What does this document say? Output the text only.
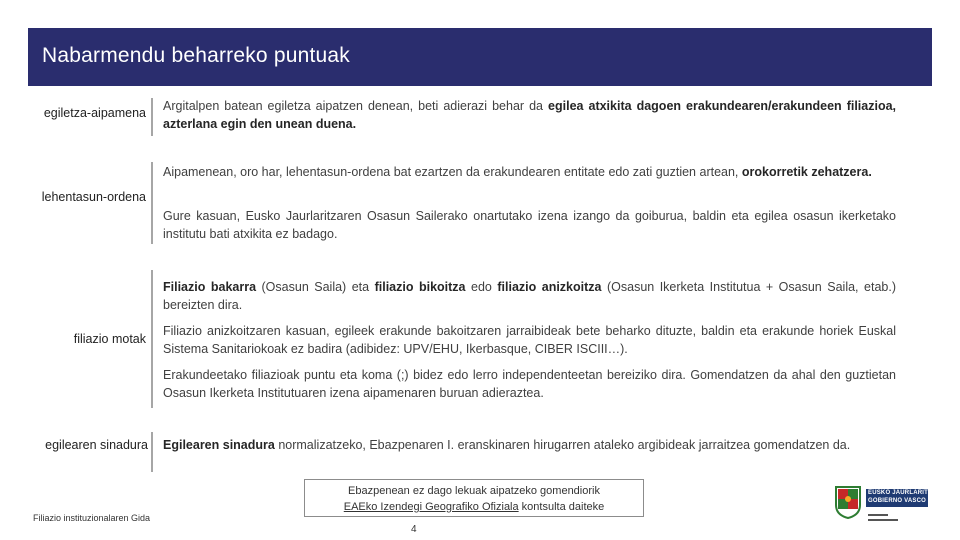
Nabarmendu beharreko puntuak
egiletza-aipamena Argitalpen batean egiletza aipatzen denean, beti adierazi behar da egilea atxikita dagoen erakundearen/erakundeen filiazioa, azterlana egin den unean duena.
lehentasun-ordena
Aipamenean, oro har, lehentasun-ordena bat ezartzen da erakundearen entitate edo zati guztien artean, orokorretik zehatzera.
Gure kasuan, Eusko Jaurlaritzaren Osasun Sailerako onartutako izena izango da goiburua, baldin eta egilea osasun ikerketako institutu bati atxikita ez badago.
filiazio motak
Filiazio bakarra (Osasun Saila) eta filiazio bikoitza edo filiazio anizkoitza (Osasun Ikerketa Institutua + Osasun Saila, etab.) bereizten dira.
Filiazio anizkoitzaren kasuan, egileek erakunde bakoitzaren jarraibideak bete beharko dituzte, baldin eta erakunde horiek Euskal Sistema Sanitariokoak ez badira (adibidez: UPV/EHU, Ikerbasque, CIBER ISCIII…).
Erakundeetako filiazioak puntu eta koma (;) bidez edo lerro independenteetan bereiziko dira. Gomendatzen da ahal den guztietan Osasun Ikerketa Institutuaren izena aipamenaren buruan adieraztea.
egilearen sinadura Egilearen sinadura normalizatzeko, Ebazpenaren I. eranskinaren hirugarren ataleko argibideak jarraitzea gomendatzen da.
Ebazpenean ez dago lekuak aipatzeko gomendiorik
EAEko Izendegi Geografiko Ofiziala kontsulta daiteke
Filiazio instituzionalaren Gida
4
EUSKO JAURLARITZA
GOBIERNO VASCO
